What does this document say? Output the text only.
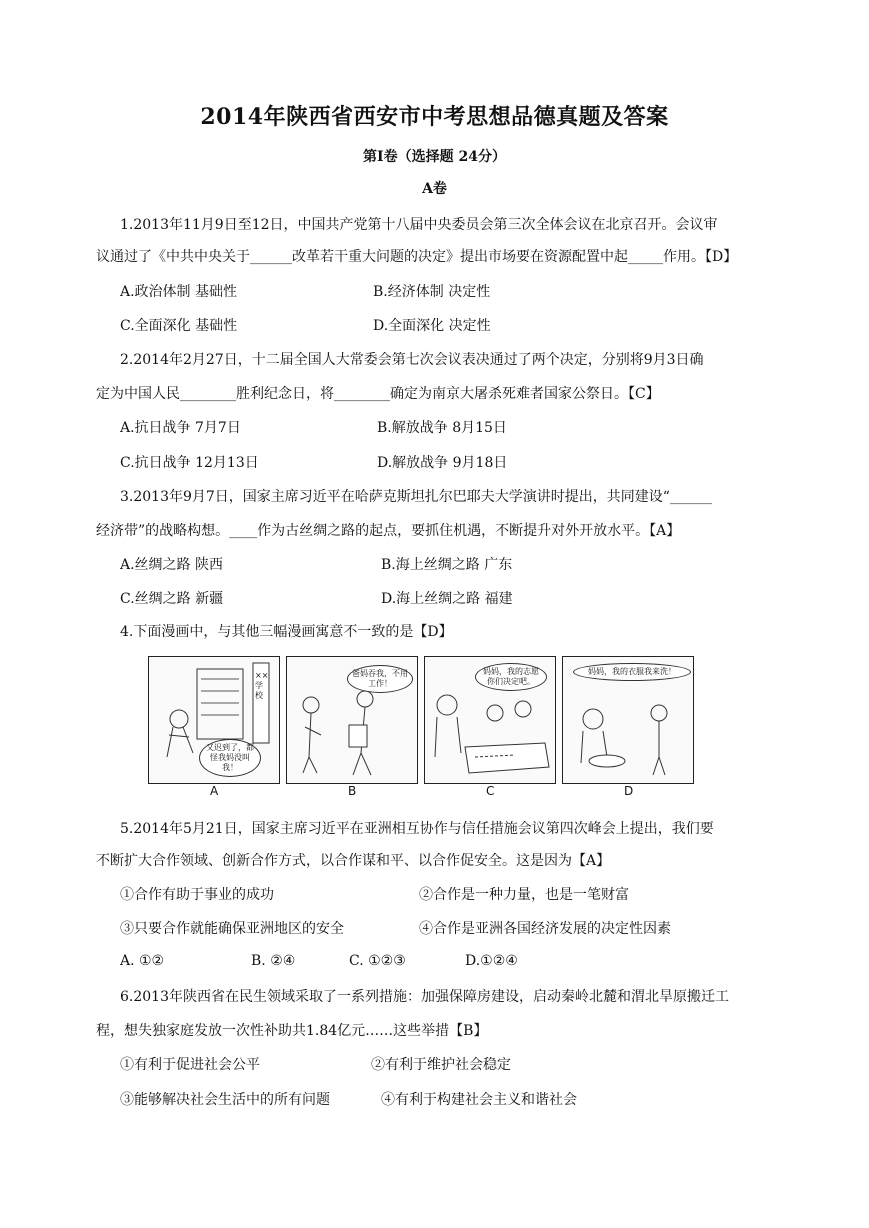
2014年陕西省西安市中考思想品德真题及答案
第Ⅰ卷（选择题 24分）
A卷
1.2013年11月9日至12日，中国共产党第十八届中央委员会第三次全体会议在北京召开。会议审
议通过了《中共中央关于______改革若干重大问题的决定》提出市场要在资源配置中起_____作用。【D】
A.政治体制 基础性	B.经济体制 决定性
C.全面深化 基础性	D.全面深化 决定性
2.2014年2月27日，十二届全国人大常委会第七次会议表决通过了两个决定，分别将9月3日确
定为中国人民________胜利纪念日，将________确定为南京大屠杀死难者国家公祭日。【C】
A.抗日战争 7月7日	B.解放战争 8月15日
C.抗日战争 12月13日	D.解放战争 9月18日
3.2013年9月7日，国家主席习近平在哈萨克斯坦扎尔巴耶夫大学演讲时提出，共同建设“______
经济带”的战略构想。____作为古丝绸之路的起点，要抓住机遇，不断提升对外开放水平。【A】
A.丝绸之路 陕西	B.海上丝绸之路 广东
C.丝绸之路 新疆	D.海上丝绸之路 福建
4.下面漫画中，与其他三幅漫画寓意不一致的是【D】
××学校
又迟到了，都怪我妈没叫我！
爸妈吞我，不用工作！
妈妈，我的志愿你们决定吧。
妈妈，我的衣服我来洗！
A	B	C	D
5.2014年5月21日，国家主席习近平在亚洲相互协作与信任措施会议第四次峰会上提出，我们要
不断扩大合作领域、创新合作方式，以合作谋和平、以合作促安全。这是因为【A】
①合作有助于事业的成功	②合作是一种力量，也是一笔财富
③只要合作就能确保亚洲地区的安全	④合作是亚洲各国经济发展的决定性因素
A. ①②	B. ②④	C. ①②③	D.①②④
6.2013年陕西省在民生领域采取了一系列措施：加强保障房建设，启动秦岭北麓和渭北旱原搬迁工
程，想失独家庭发放一次性补助共1.84亿元……这些举措【B】
①有利于促进社会公平	②有利于维护社会稳定
③能够解决社会生活中的所有问题	④有利于构建社会主义和谐社会
